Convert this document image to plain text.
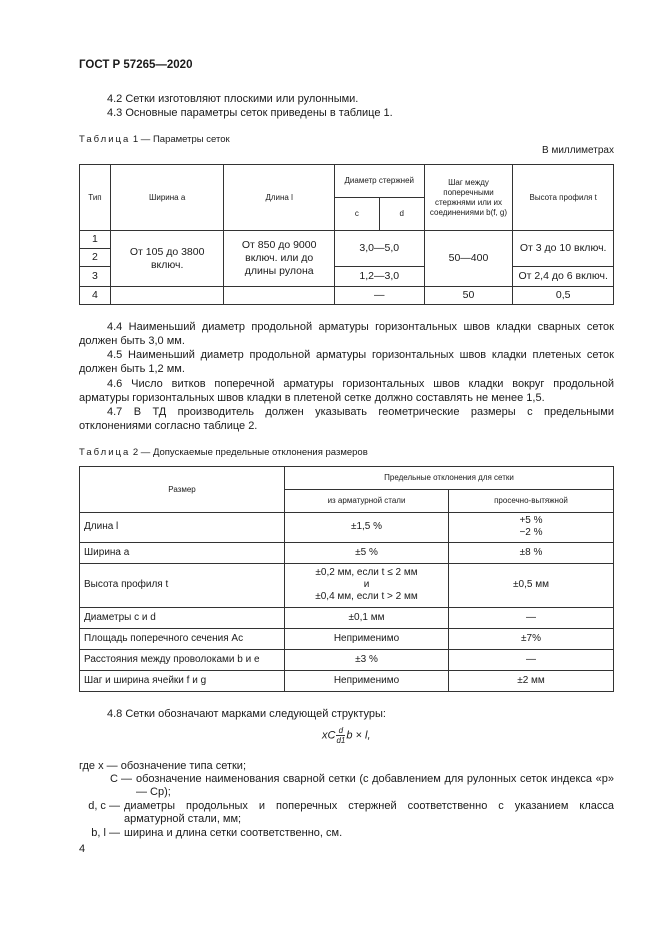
ГОСТ Р 57265—2020
4.2 Сетки изготовляют плоскими или рулонными.
4.3 Основные параметры сеток приведены в таблице 1.
Таблица 1 — Параметры сеток
В миллиметрах
Тип	Ширина a	Длина l	Диаметр стержней		Шаг между поперечными стержнями или их соединениями b(f, g)	Высота профиля t
			c	d		
1	От 105 до 3800 включ.	От 850 до 9000 включ. или до длины рулона	3,0—5,0		50—400	От 3 до 10 включ.
2						
3			1,2—3,0			От 2,4 до 6 включ.
4			—		50	0,5
4.4 Наименьший диаметр продольной арматуры горизонтальных швов кладки сварных сеток должен быть 3,0 мм.
4.5 Наименьший диаметр продольной арматуры горизонтальных швов кладки плетеных сеток должен быть 1,2 мм.
4.6 Число витков поперечной арматуры горизонтальных швов кладки вокруг продольной арматуры горизонтальных швов кладки в плетеной сетке должно составлять не менее 1,5.
4.7 В ТД производитель должен указывать геометрические размеры с предельными отклонениями согласно таблице 2.
Таблица 2 — Допускаемые предельные отклонения размеров
Размер	Предельные отклонения для сетки	
	из арматурной стали	просечно-вытяжной
Длина l	±1,5 %	+5 %
−2 %
Ширина a	±5 %	±8 %
Высота профиля t	±0,2 мм, если t ≤ 2 мм
и
±0,4 мм, если t > 2 мм	±0,5 мм
Диаметры c и d	±0,1 мм	—
Площадь поперечного сечения Ac	Неприменимо	±7%
Расстояния между проволоками b и e	±3 %	—
Шаг и ширина ячейки f и g	Неприменимо	±2 мм
4.8 Сетки обозначают марками следующей структуры:
xC $\frac{d}{d1}$ b × l,
где x — обозначение типа сетки;
C — обозначение наименования сварной сетки (с добавлением для рулонных сеток индекса «р» — Cр);
d, c — диаметры продольных и поперечных стержней соответственно с указанием класса арматурной стали, мм;
b, l — ширина и длина сетки соответственно, см.
4
